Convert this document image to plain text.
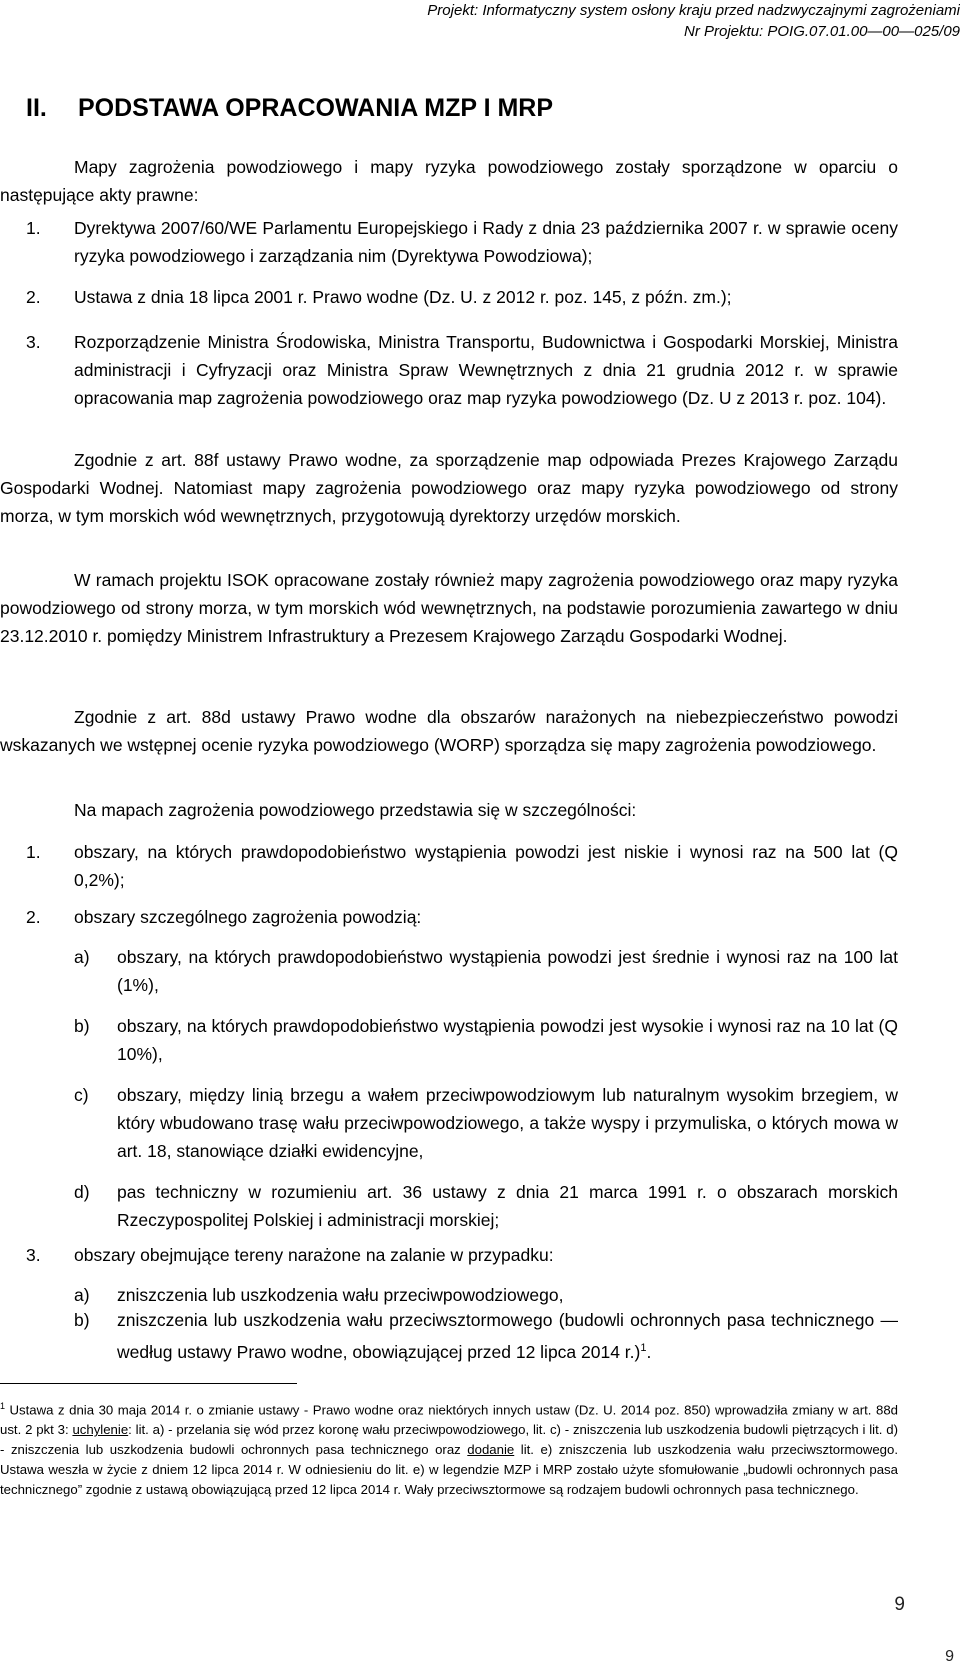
Projekt: Informatyczny system osłony kraju przed nadzwyczajnymi zagrożeniami
Nr Projektu: POIG.07.01.00—00—025/09
II. PODSTAWA OPRACOWANIA MZP I MRP

Mapy zagrożenia powodziowego i mapy ryzyka powodziowego zostały sporządzone w oparciu o następujące akty prawne:

1. Dyrektywa 2007/60/WE Parlamentu Europejskiego i Rady z dnia 23 października 2007 r. w sprawie oceny ryzyka powodziowego i zarządzania nim (Dyrektywa Powodziowa);

2. Ustawa z dnia 18 lipca 2001 r. Prawo wodne (Dz. U. z 2012 r. poz. 145, z późn. zm.);

3. Rozporządzenie Ministra Środowiska, Ministra Transportu, Budownictwa i Gospodarki Morskiej, Ministra administracji i Cyfryzacji oraz Ministra Spraw Wewnętrznych z dnia 21 grudnia 2012 r. w sprawie opracowania map zagrożenia powodziowego oraz map ryzyka powodziowego (Dz. U z 2013 r. poz. 104).

Zgodnie z art. 88f ustawy Prawo wodne, za sporządzenie map odpowiada Prezes Krajowego Zarządu Gospodarki Wodnej. Natomiast mapy zagrożenia powodziowego oraz mapy ryzyka powodziowego od strony morza, w tym morskich wód wewnętrznych, przygotowują dyrektorzy urzędów morskich.

W ramach projektu ISOK opracowane zostały również mapy zagrożenia powodziowego oraz mapy ryzyka powodziowego od strony morza, w tym morskich wód wewnętrznych, na podstawie porozumienia zawartego w dniu 23.12.2010 r. pomiędzy Ministrem Infrastruktury a Prezesem Krajowego Zarządu Gospodarki Wodnej.

Zgodnie z art. 88d ustawy Prawo wodne dla obszarów narażonych na niebezpieczeństwo powodzi wskazanych we wstępnej ocenie ryzyka powodziowego (WORP) sporządza się mapy zagrożenia powodziowego.

Na mapach zagrożenia powodziowego przedstawia się w szczególności:

1. obszary, na których prawdopodobieństwo wystąpienia powodzi jest niskie i wynosi raz na 500 lat (Q 0,2%);

2. obszary szczególnego zagrożenia powodzią:

a) obszary, na których prawdopodobieństwo wystąpienia powodzi jest średnie i wynosi raz na 100 lat (1%),

b) obszary, na których prawdopodobieństwo wystąpienia powodzi jest wysokie i wynosi raz na 10 lat (Q 10%),

c) obszary, między linią brzegu a wałem przeciwpowodziowym lub naturalnym wysokim brzegiem, w który wbudowano trasę wału przeciwpowodziowego, a także wyspy i przymuliska, o których mowa w art. 18, stanowiące działki ewidencyjne,

d) pas techniczny w rozumieniu art. 36 ustawy z dnia 21 marca 1991 r. o obszarach morskich Rzeczypospolitej Polskiej i administracji morskiej;

3. obszary obejmujące tereny narażone na zalanie w przypadku:

a) zniszczenia lub uszkodzenia wału przeciwpowodziowego,

b) zniszczenia lub uszkodzenia wału przeciwsztormowego (budowli ochronnych pasa technicznego — według ustawy Prawo wodne, obowiązującej przed 12 lipca 2014 r.)$^1$.

$^1$ Ustawa z dnia 30 maja 2014 r. o zmianie ustawy - Prawo wodne oraz niektórych innych ustaw (Dz. U. 2014 poz. 850) wprowadziła zmiany w art. 88d ust. 2 pkt 3: uchylenie: lit. a) - przelania się wód przez koronę wału przeciwpowodziowego, lit. c) - zniszczenia lub uszkodzenia budowli piętrzących i lit. d) - zniszczenia lub uszkodzenia budowli ochronnych pasa technicznego oraz dodanie lit. e) zniszczenia lub uszkodzenia wału przeciwsztormowego. Ustawa weszła w życie z dniem 12 lipca 2014 r. W odniesieniu do lit. e) w legendzie MZP i MRP zostało użyte sfomułowanie „budowli ochronnych pasa technicznego” zgodnie z ustawą obowiązującą przed 12 lipca 2014 r. Wały przeciwsztormowe są rodzajem budowli ochronnych pasa technicznego.
9
9
